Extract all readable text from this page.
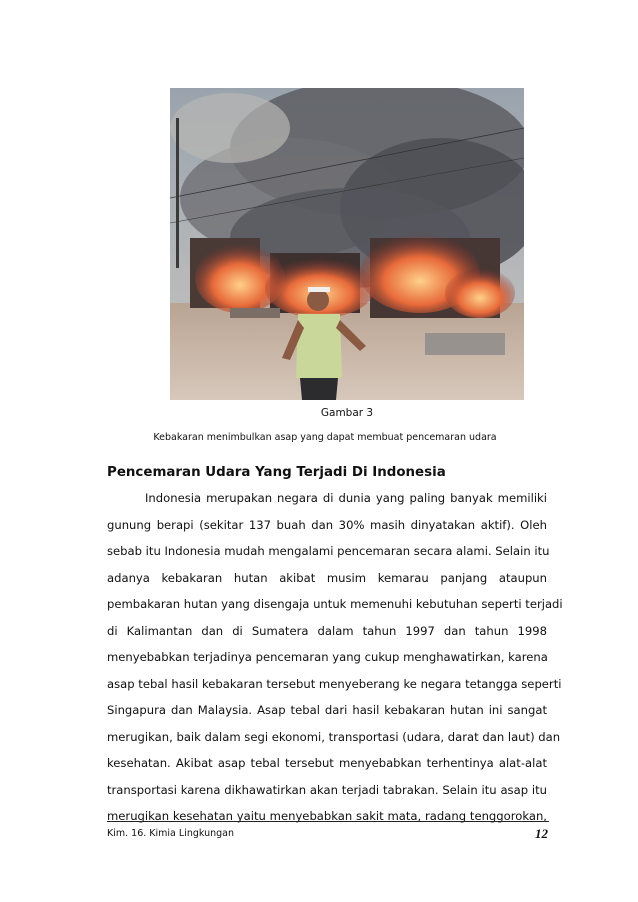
Gambar 3
Kebakaran menimbulkan asap yang dapat membuat pencemaran udara
Pencemaran Udara Yang Terjadi Di Indonesia
Indonesia merupakan negara di dunia yang paling banyak memiliki
gunung berapi (sekitar 137 buah dan 30% masih dinyatakan aktif). Oleh
sebab itu Indonesia mudah mengalami pencemaran secara alami. Selain itu
adanya kebakaran hutan akibat musim kemarau panjang ataupun
pembakaran hutan yang disengaja untuk memenuhi kebutuhan seperti terjadi
di Kalimantan dan di Sumatera dalam tahun 1997 dan tahun 1998
menyebabkan terjadinya pencemaran yang cukup menghawatirkan, karena
asap tebal hasil kebakaran tersebut menyeberang ke negara tetangga seperti
Singapura dan Malaysia. Asap tebal dari hasil kebakaran hutan ini sangat
merugikan, baik dalam segi ekonomi, transportasi (udara, darat dan laut) dan
kesehatan. Akibat asap tebal tersebut menyebabkan terhentinya alat-alat
transportasi karena dikhawatirkan akan terjadi tabrakan. Selain itu asap itu
merugikan kesehatan yaitu menyebabkan sakit mata, radang tenggorokan,
Kim. 16. Kimia Lingkungan	12
